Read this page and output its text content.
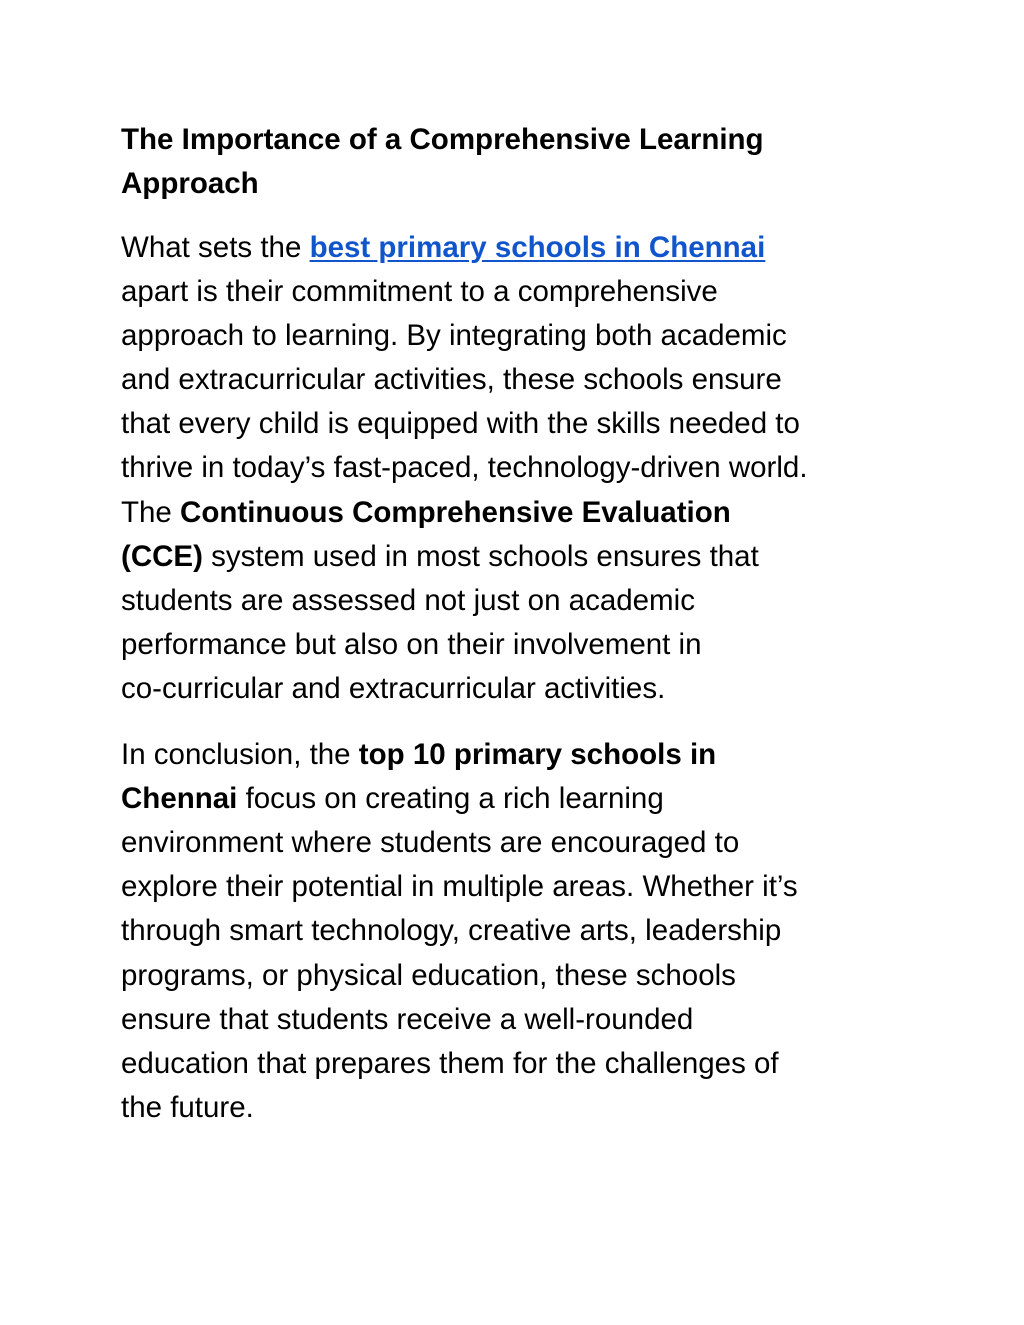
The Importance of a Comprehensive Learning
Approach

What sets the best primary schools in Chennai
apart is their commitment to a comprehensive
approach to learning. By integrating both academic
and extracurricular activities, these schools ensure
that every child is equipped with the skills needed to
thrive in today’s fast-paced, technology-driven world.
The Continuous Comprehensive Evaluation
(CCE) system used in most schools ensures that
students are assessed not just on academic
performance but also on their involvement in
co-curricular and extracurricular activities.

In conclusion, the top 10 primary schools in
Chennai focus on creating a rich learning
environment where students are encouraged to
explore their potential in multiple areas. Whether it’s
through smart technology, creative arts, leadership
programs, or physical education, these schools
ensure that students receive a well-rounded
education that prepares them for the challenges of
the future.
